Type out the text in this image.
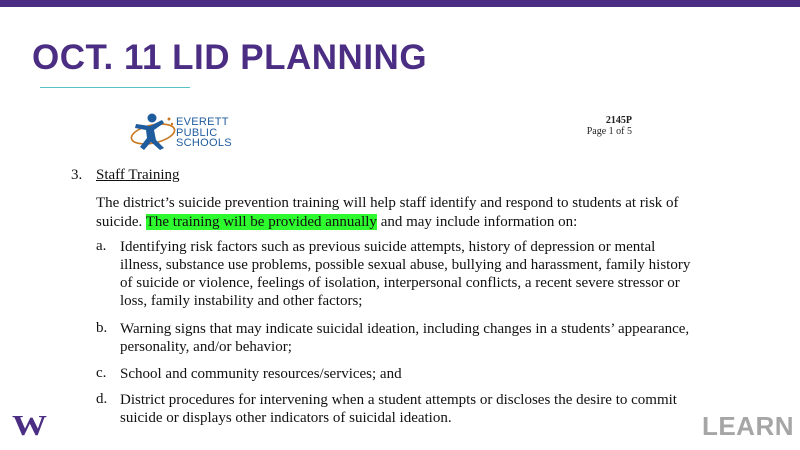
OCT. 11 LID PLANNING
EVERETT
PUBLIC
SCHOOLS
2145P
Page 1 of 5
3. Staff Training
The district’s suicide prevention training will help staff identify and respond to students at risk of suicide. The training will be provided annually and may include information on:
a. Identifying risk factors such as previous suicide attempts, history of depression or mental illness, substance use problems, possible sexual abuse, bullying and harassment, family history of suicide or violence, feelings of isolation, interpersonal conflicts, a recent severe stressor or loss, family instability and other factors;
b. Warning signs that may indicate suicidal ideation, including changes in a students’ appearance, personality, and/or behavior;
c. School and community resources/services; and
d. District procedures for intervening when a student attempts or discloses the desire to commit suicide or displays other indicators of suicidal ideation.
W	LEARN
